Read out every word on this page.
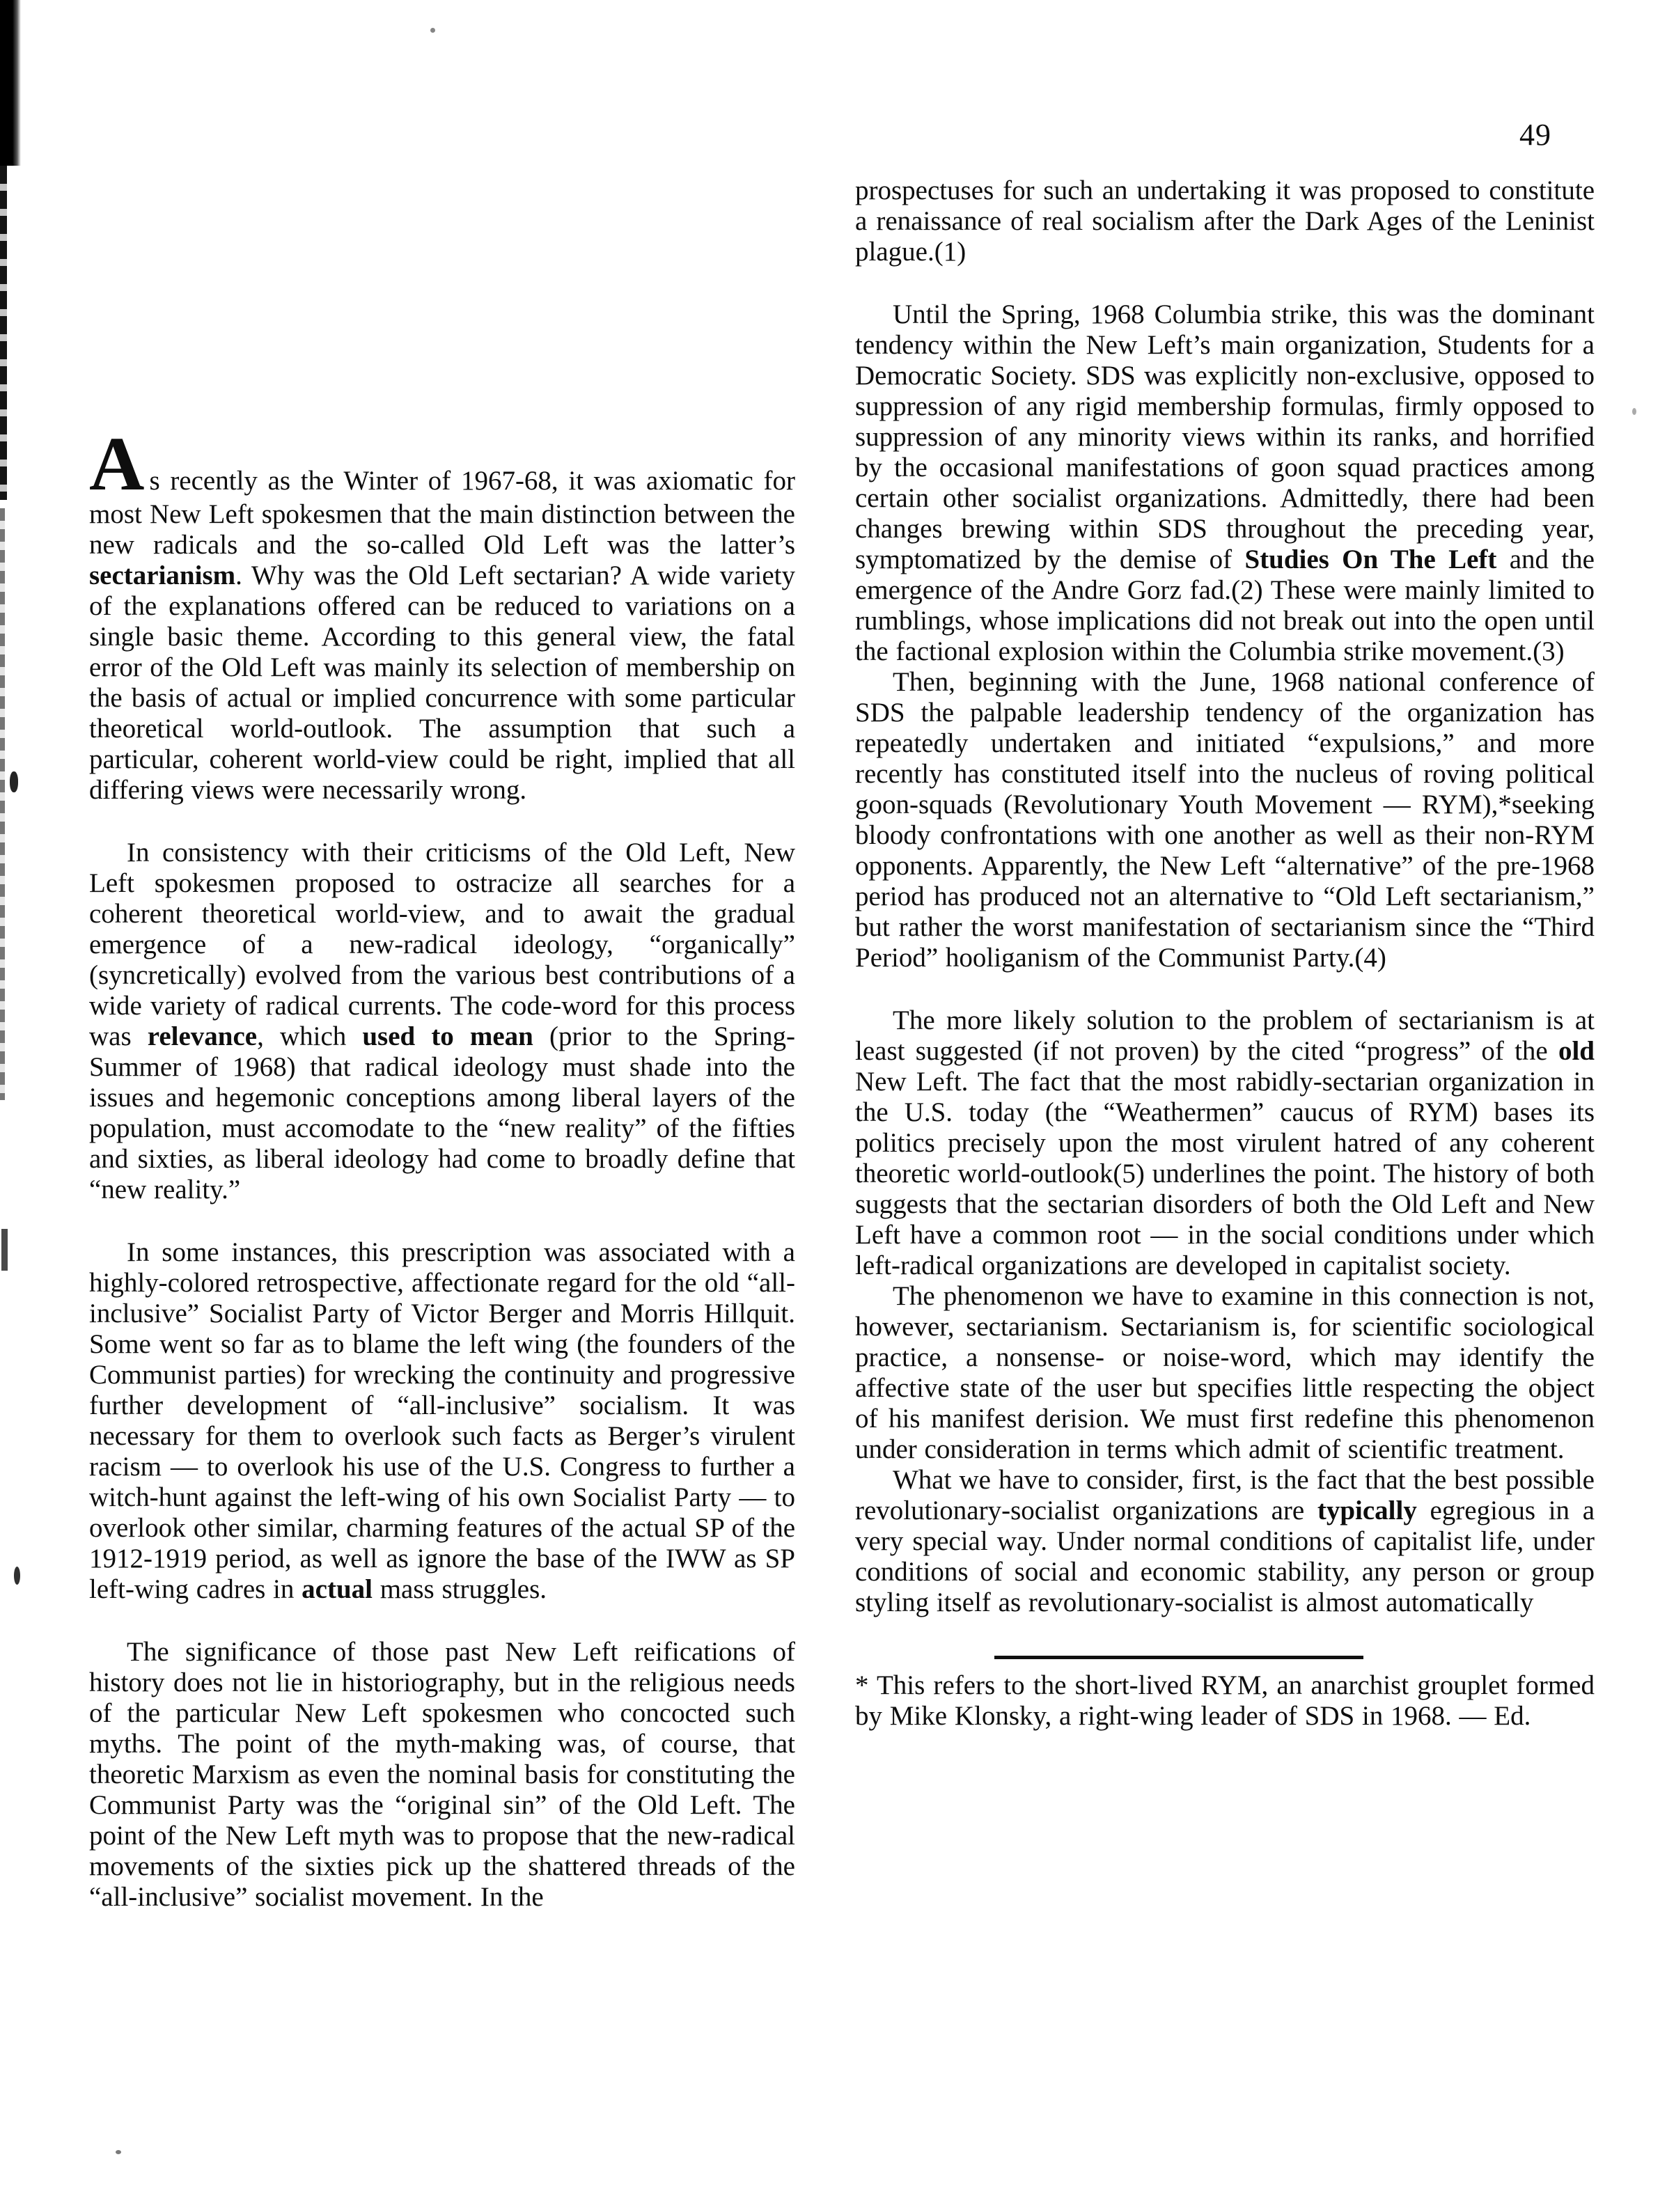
49

As recently as the Winter of 1967-68, it was axiomatic for most New Left spokesmen that the main distinction between the new radicals and the so-called Old Left was the latter’s sectarianism. Why was the Old Left sectarian? A wide variety of the explanations offered can be reduced to variations on a single basic theme. According to this general view, the fatal error of the Old Left was mainly its selection of membership on the basis of actual or implied concurrence with some particular theoretical world-outlook. The assumption that such a particular, coherent world-view could be right, implied that all differing views were necessarily wrong.

In consistency with their criticisms of the Old Left, New Left spokesmen proposed to ostracize all searches for a coherent theoretical world-view, and to await the gradual emergence of a new-radical ideology, “organically” (syncretically) evolved from the various best contributions of a wide variety of radical currents. The code-word for this process was relevance, which used to mean (prior to the Spring-Summer of 1968) that radical ideology must shade into the issues and hegemonic conceptions among liberal layers of the population, must accomodate to the “new reality” of the fifties and sixties, as liberal ideology had come to broadly define that “new reality.”

In some instances, this prescription was associated with a highly-colored retrospective, affectionate regard for the old “all-inclusive” Socialist Party of Victor Berger and Morris Hillquit. Some went so far as to blame the left wing (the founders of the Communist parties) for wrecking the continuity and progressive further development of “all-inclusive” socialism. It was necessary for them to overlook such facts as Berger’s virulent racism — to overlook his use of the U.S. Congress to further a witch-hunt against the left-wing of his own Socialist Party — to overlook other similar, charming features of the actual SP of the 1912-1919 period, as well as ignore the base of the IWW as SP left-wing cadres in actual mass struggles.

The significance of those past New Left reifications of history does not lie in historiography, but in the religious needs of the particular New Left spokesmen who concocted such myths. The point of the myth-making was, of course, that theoretic Marxism as even the nominal basis for constituting the Communist Party was the “original sin” of the Old Left. The point of the New Left myth was to propose that the new-radical movements of the sixties pick up the shattered threads of the “all-inclusive” socialist movement. In the

prospectuses for such an undertaking it was proposed to constitute a renaissance of real socialism after the Dark Ages of the Leninist plague.(1)

Until the Spring, 1968 Columbia strike, this was the dominant tendency within the New Left’s main organization, Students for a Democratic Society. SDS was explicitly non-exclusive, opposed to suppression of any rigid membership formulas, firmly opposed to suppression of any minority views within its ranks, and horrified by the occasional manifestations of goon squad practices among certain other socialist organizations. Admittedly, there had been changes brewing within SDS throughout the preceding year, symptomatized by the demise of Studies On The Left and the emergence of the Andre Gorz fad.(2) These were mainly limited to rumblings, whose implications did not break out into the open until the factional explosion within the Columbia strike movement.(3)

Then, beginning with the June, 1968 national conference of SDS the palpable leadership tendency of the organization has repeatedly undertaken and initiated “expulsions,” and more recently has constituted itself into the nucleus of roving political goon-squads (Revolutionary Youth Movement — RYM),*seeking bloody confrontations with one another as well as their non-RYM opponents. Apparently, the New Left “alternative” of the pre-1968 period has produced not an alternative to “Old Left sectarianism,” but rather the worst manifestation of sectarianism since the “Third Period” hooliganism of the Communist Party.(4)

The more likely solution to the problem of sectarianism is at least suggested (if not proven) by the cited “progress” of the old New Left. The fact that the most rabidly-sectarian organization in the U.S. today (the “Weathermen” caucus of RYM) bases its politics precisely upon the most virulent hatred of any coherent theoretic world-outlook(5) underlines the point. The history of both suggests that the sectarian disorders of both the Old Left and New Left have a common root — in the social conditions under which left-radical organizations are developed in capitalist society.

The phenomenon we have to examine in this connection is not, however, sectarianism. Sectarianism is, for scientific sociological practice, a nonsense- or noise-word, which may identify the affective state of the user but specifies little respecting the object of his manifest derision. We must first redefine this phenomenon under consideration in terms which admit of scientific treatment.

What we have to consider, first, is the fact that the best possible revolutionary-socialist organizations are typically egregious in a very special way. Under normal conditions of capitalist life, under conditions of social and economic stability, any person or group styling itself as revolutionary-socialist is almost automatically

* This refers to the short-lived RYM, an anarchist grouplet formed by Mike Klonsky, a right-wing leader of SDS in 1968. — Ed.
